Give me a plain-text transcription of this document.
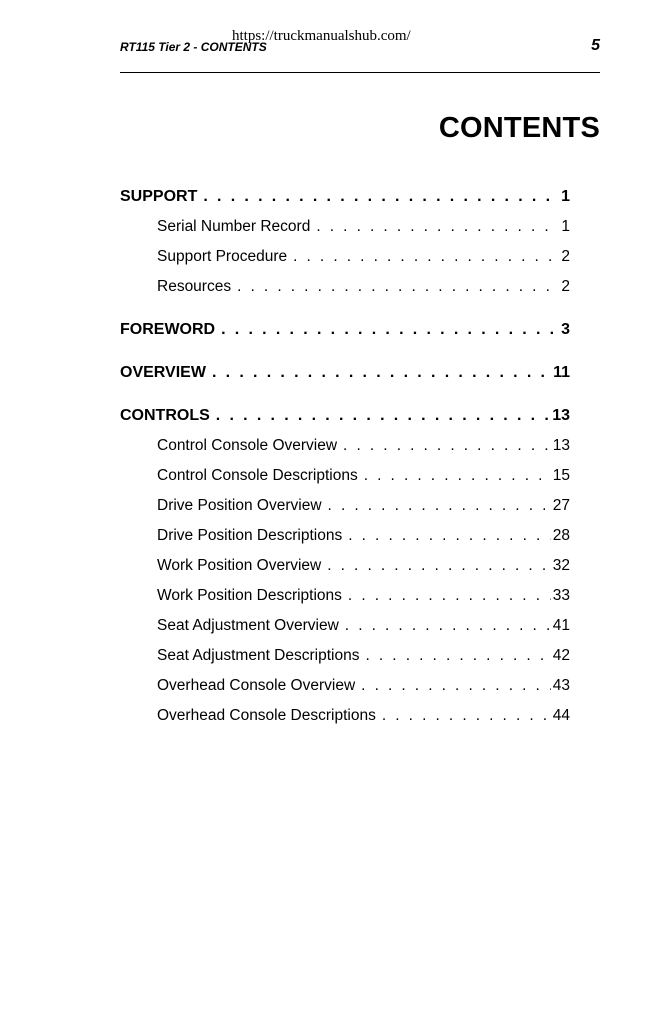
https://truckmanualshub.com/
RT115 Tier 2 - CONTENTS	5
CONTENTS
SUPPORT . . .	1
Serial Number Record . . .	1
Support Procedure . . .	2
Resources . . .	2
FOREWORD . . .	3
OVERVIEW . . .	11
CONTROLS . . .	13
Control Console Overview . . .	13
Control Console Descriptions . . .	15
Drive Position Overview . . .	27
Drive Position Descriptions . . .	28
Work Position Overview . . .	32
Work Position Descriptions . . .	33
Seat Adjustment Overview . . .	41
Seat Adjustment Descriptions . . .	42
Overhead Console Overview . . .	43
Overhead Console Descriptions . . .	44
